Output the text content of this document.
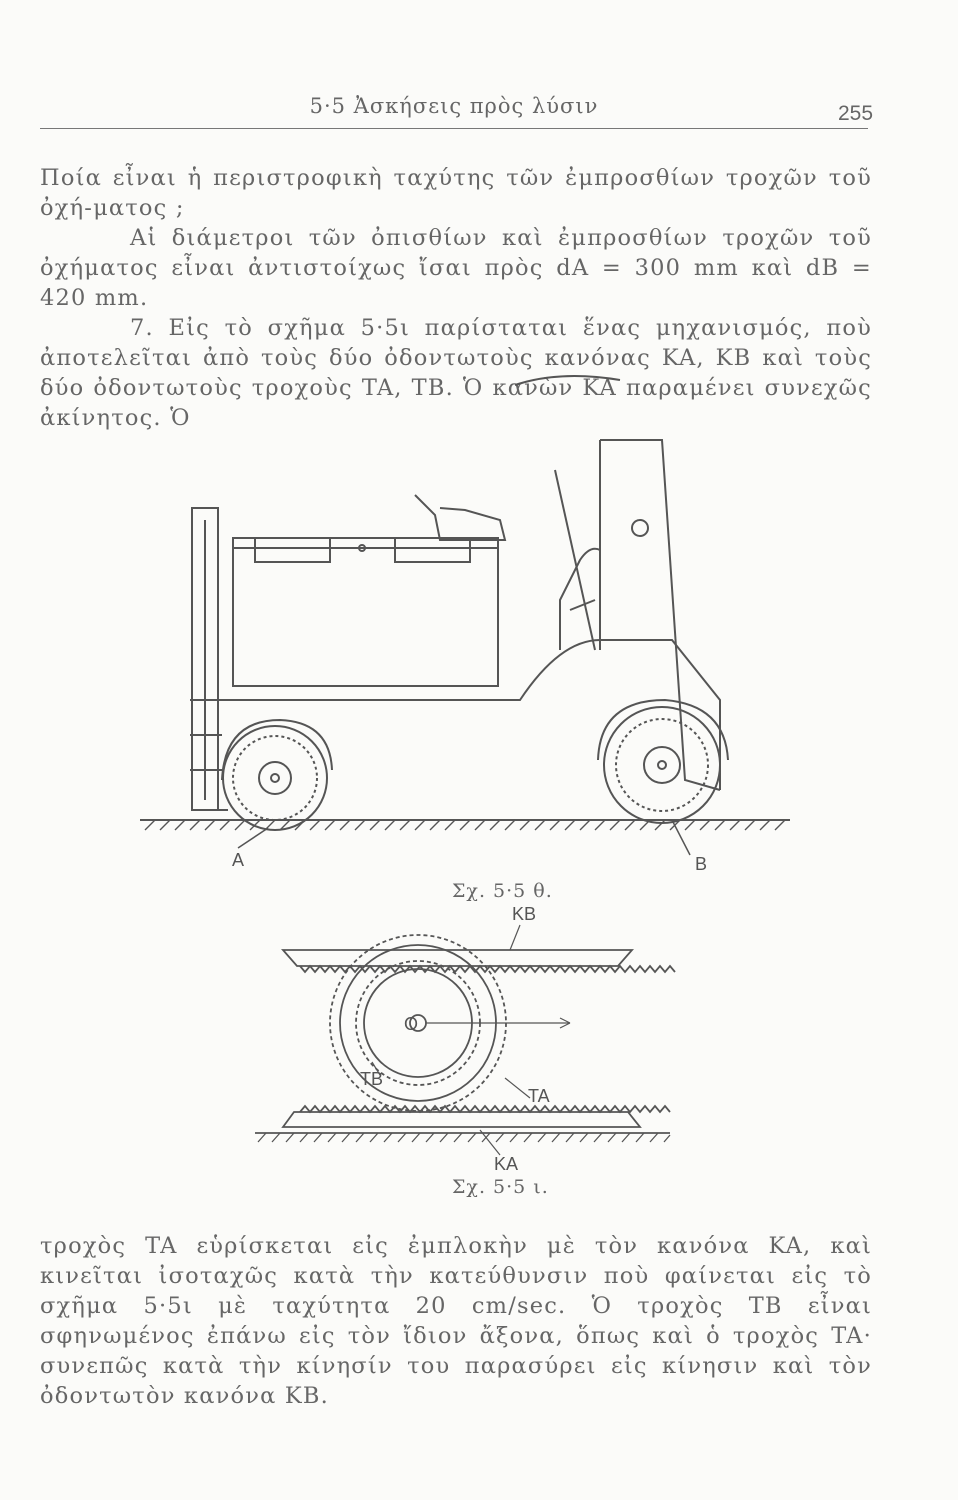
5·5 Ἀσκήσεις πρὸς λύσιν	255

Ποία εἶναι ἡ περιστροφικὴ ταχύτης τῶν ἐμπροσθίων τροχῶν τοῦ ὀχή-ματος ;

Αἱ διάμετροι τῶν ὀπισθίων καὶ ἐμπροσθίων τροχῶν τοῦ ὀχήματος εἶναι ἀντιστοίχως ἴσαι πρὸς dA = 300 mm καὶ dB = 420 mm.

7. Εἰς τὸ σχῆμα 5·5ι παρίσταται ἕνας μηχανισμός, ποὺ ἀποτελεῖται ἀπὸ τοὺς δύο ὀδοντωτοὺς κανόνας KA, KB καὶ τοὺς δύο ὀδοντωτοὺς τροχοὺς TA, TB. Ὁ κανὼν KA παραμένει συνεχῶς ἀκίνητος. Ὁ

A	B
KB
KA
TB
TA
O
Σχ. 5·5 θ.
Σχ. 5·5 ι.

τροχὸς TA εὑρίσκεται εἰς ἐμπλοκὴν μὲ τὸν κανόνα KA, καὶ κινεῖται ἰσοταχῶς κατὰ τὴν κατεύθυνσιν ποὺ φαίνεται εἰς τὸ σχῆμα 5·5ι μὲ ταχύτητα 20 cm/sec. Ὁ τροχὸς TB εἶναι σφηνωμένος ἐπάνω εἰς τὸν ἴδιον ἄξονα, ὅπως καὶ ὁ τροχὸς TA· συνεπῶς κατὰ τὴν κίνησίν του παρασύρει εἰς κίνησιν καὶ τὸν ὀδοντωτὸν κανόνα KB.
